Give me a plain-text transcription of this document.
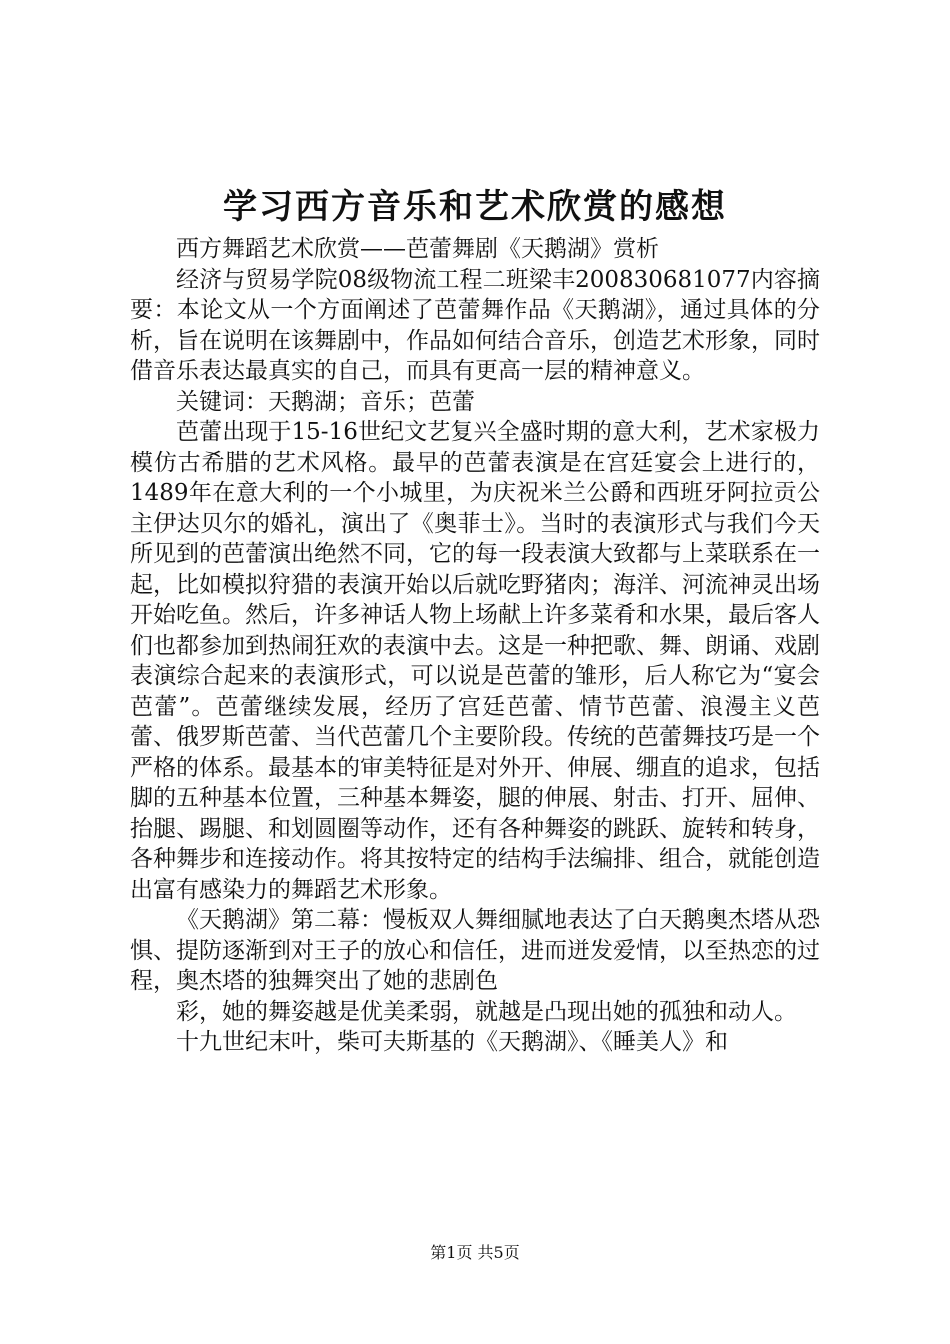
学习西方音乐和艺术欣赏的感想

西方舞蹈艺术欣赏——芭蕾舞剧《天鹅湖》赏析

经济与贸易学院08级物流工程二班梁丰200830681077内容摘要：本论文从一个方面阐述了芭蕾舞作品《天鹅湖》，通过具体的分析，旨在说明在该舞剧中，作品如何结合音乐，创造艺术形象，同时借音乐表达最真实的自己，而具有更高一层的精神意义。

关键词：天鹅湖；音乐；芭蕾

芭蕾出现于15-16世纪文艺复兴全盛时期的意大利，艺术家极力模仿古希腊的艺术风格。最早的芭蕾表演是在宫廷宴会上进行的，1489年在意大利的一个小城里，为庆祝米兰公爵和西班牙阿拉贡公主伊达贝尔的婚礼，演出了《奥菲士》。当时的表演形式与我们今天所见到的芭蕾演出绝然不同，它的每一段表演大致都与上菜联系在一起，比如模拟狩猎的表演开始以后就吃野猪肉；海洋、河流神灵出场开始吃鱼。然后，许多神话人物上场献上许多菜肴和水果，最后客人们也都参加到热闹狂欢的表演中去。这是一种把歌、舞、朗诵、戏剧表演综合起来的表演形式，可以说是芭蕾的雏形，后人称它为“宴会芭蕾”。芭蕾继续发展，经历了宫廷芭蕾、情节芭蕾、浪漫主义芭蕾、俄罗斯芭蕾、当代芭蕾几个主要阶段。传统的芭蕾舞技巧是一个严格的体系。最基本的审美特征是对外开、伸展、绷直的追求，包括脚的五种基本位置，三种基本舞姿，腿的伸展、射击、打开、屈伸、抬腿、踢腿、和划圆圈等动作，还有各种舞姿的跳跃、旋转和转身，各种舞步和连接动作。将其按特定的结构手法编排、组合，就能创造出富有感染力的舞蹈艺术形象。

《天鹅湖》第二幕：慢板双人舞细腻地表达了白天鹅奥杰塔从恐惧、提防逐渐到对王子的放心和信任，进而迸发爱情，以至热恋的过程，奥杰塔的独舞突出了她的悲剧色

彩，她的舞姿越是优美柔弱，就越是凸现出她的孤独和动人。

十九世纪末叶，柴可夫斯基的《天鹅湖》、《睡美人》和

第1页 共5页
